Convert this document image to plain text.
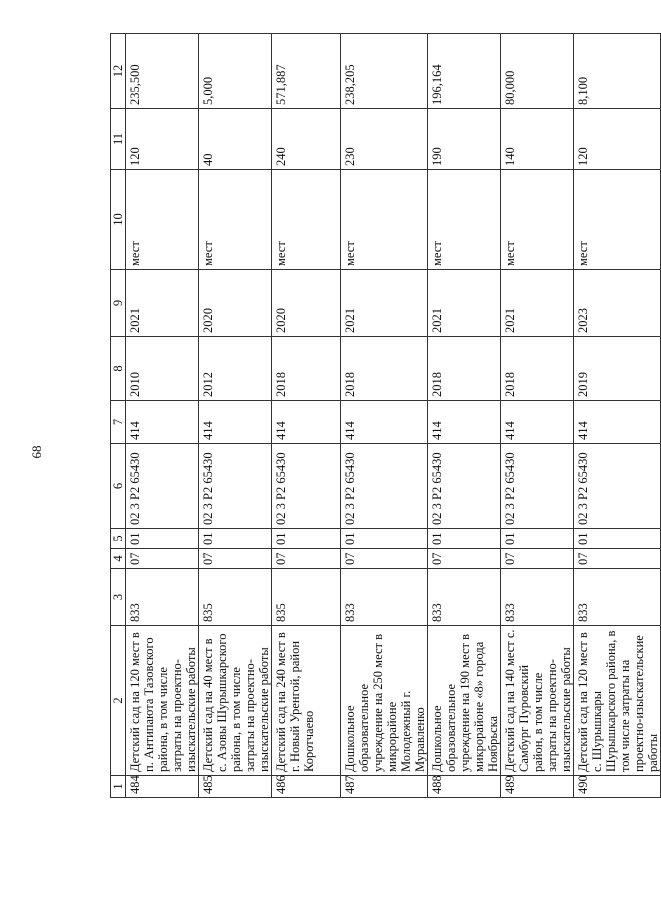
68
1	2	3	4	5	6	7	8	9	10	11	12
484	Детский сад на 120 мест в п. Антипаюта Тазовского района, в том числе затраты на проектно-изыскательские работы	833	07	01	02 3 P2 65430	414	2010	2021	мест	120	235,500
485	Детский сад на 40 мест в с. Азовы Шурышкарского района, в том числе затраты на проектно-изыскательские работы	835	07	01	02 3 P2 65430	414	2012	2020	мест	40	5,000
486	Детский сад на 240 мест в г. Новый Уренгой, район Коротчаево	835	07	01	02 3 P2 65430	414	2018	2020	мест	240	571,887
487	Дошкольное образовательное учреждение на 250 мест в микрорайоне Молодежный г. Муравленко	833	07	01	02 3 P2 65430	414	2018	2021	мест	230	238,205
488	Дошкольное образовательное учреждение на 190 мест в микрорайоне «8» города Ноябрьска	833	07	01	02 3 P2 65430	414	2018	2021	мест	190	196,164
489	Детский сад на 140 мест с. Самбург Пуровский район, в том числе затраты на проектно-изыскательские работы	833	07	01	02 3 P2 65430	414	2018	2021	мест	140	80,000
490	Детский сад на 120 мест в с. Шурышкары Шурышкарского района, в том числе затраты на проектно-изыскательские работы	833	07	01	02 3 P2 65430	414	2019	2023	мест	120	8,100
